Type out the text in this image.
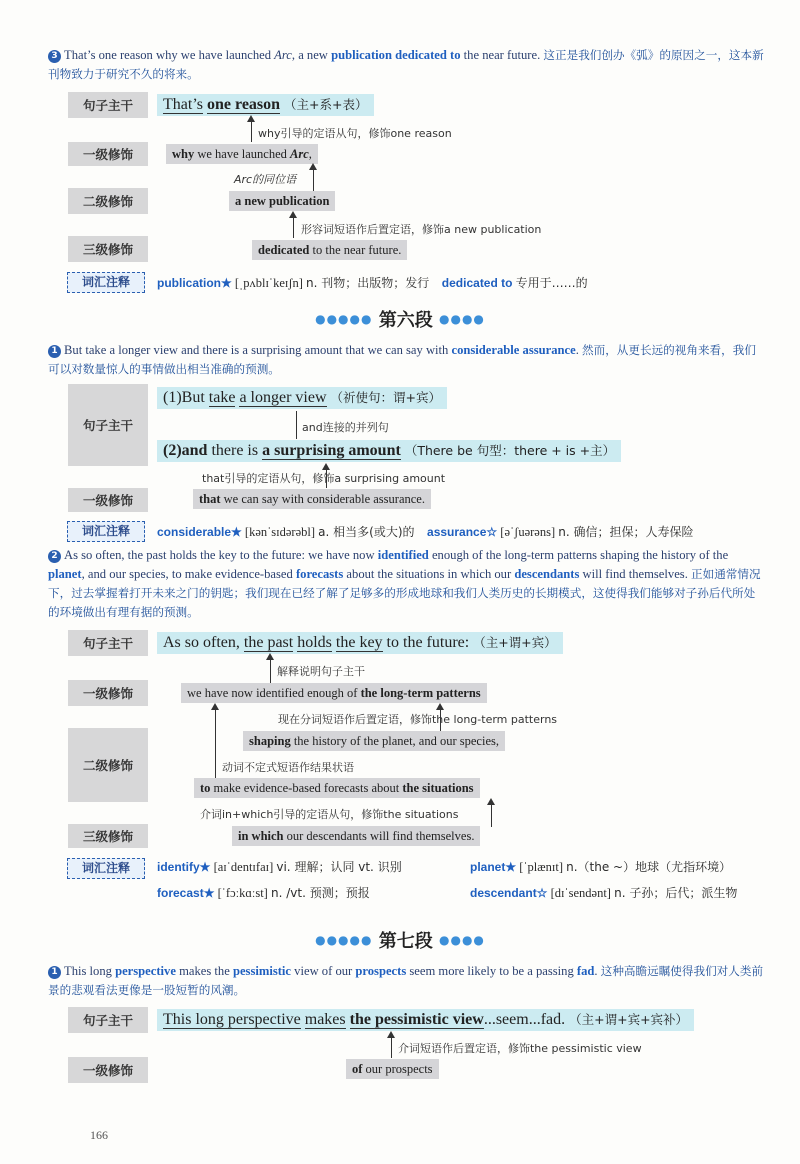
3 That’s one reason why we have launched Arc, a new publication dedicated to the near future. 这正是我们创办《弧》的原因之一，这本新刊物致力于研究不久的将来。
句子主干	That’s one reason （主+系+表）
why引导的定语从句，修饰one reason
一级修饰	why we have launched Arc,
Arc的同位语
二级修饰	a new publication
形容词短语作后置定语，修饰a new publication
三级修饰	dedicated to the near future.
词汇注释	publication★ [ˌpʌblɪˈkeɪʃn] n. 刊物；出版物；发行 dedicated to 专用于……的
●●●●● 第六段 ●●●●
1 But take a longer view and there is a surprising amount that we can say with considerable assurance. 然而，从更长远的视角来看，我们可以对数量惊人的事情做出相当准确的预测。
句子主干
(1)But take a longer view （祈使句：谓+宾）
and连接的并列句
(2)and there is a surprising amount （There be 句型：there + is +主）
that引导的定语从句，修饰a surprising amount
一级修饰	that we can say with considerable assurance.
词汇注释	considerable★ [kənˈsɪdərəbl] a. 相当多(或大)的 assurance☆ [əˈʃuərəns] n. 确信；担保；人寿保险
2 As so often, the past holds the key to the future: we have now identified enough of the long-term patterns shaping the history of the planet, and our species, to make evidence-based forecasts about the situations in which our descendants will find themselves. 正如通常情况下，过去掌握着打开未来之门的钥匙；我们现在已经了解了足够多的形成地球和我们人类历史的长期模式，这使得我们能够对子孙后代所处的环境做出有理有据的预测。
句子主干	As so often, the past holds the key to the future: （主+谓+宾）
解释说明句子主干
一级修饰	we have now identified enough of the long-term patterns
现在分词短语作后置定语，修饰the long-term patterns
二级修饰
shaping the history of the planet, and our species,
动词不定式短语作结果状语
to make evidence-based forecasts about the situations
介词in+which引导的定语从句，修饰the situations
三级修饰	in which our descendants will find themselves.
词汇注释	identify★ [aɪˈdentɪfaɪ] vi. 理解；认同 vt. 识别	planet★ [ˈplænɪt] n.（the ~）地球（尤指环境）
forecast★ [ˈfɔːkɑːst] n. /vt. 预测；预报	descendant☆ [dɪˈsendənt] n. 子孙；后代；派生物
●●●●● 第七段 ●●●●
1 This long perspective makes the pessimistic view of our prospects seem more likely to be a passing fad. 这种高瞻远瞩使得我们对人类前景的悲观看法更像是一股短暂的风潮。
句子主干	This long perspective makes the pessimistic view...seem...fad. （主+谓+宾+宾补）
介词短语作后置定语，修饰the pessimistic view
一级修饰	of our prospects
166
